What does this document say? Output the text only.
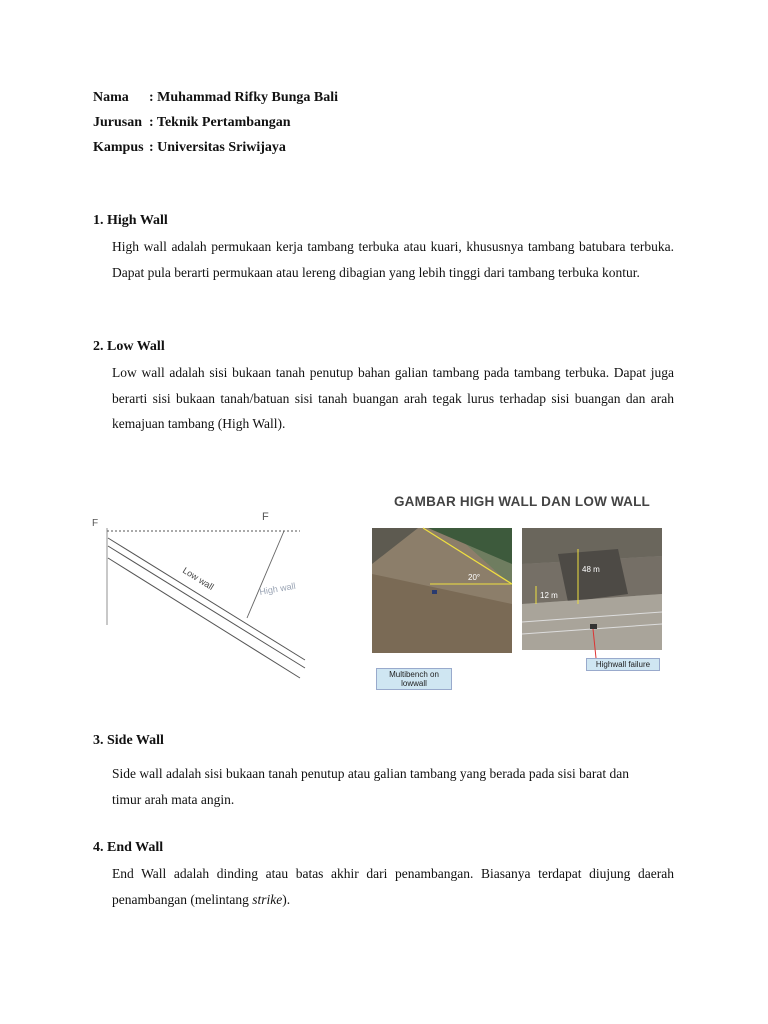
Nama : Muhammad Rifky Bunga Bali
Jurusan : Teknik Pertambangan
Kampus : Universitas Sriwijaya
1. High Wall
High wall adalah permukaan kerja tambang terbuka atau kuari, khususnya tambang batubara terbuka. Dapat pula berarti permukaan atau lereng dibagian yang lebih tinggi dari tambang terbuka kontur.
2. Low Wall
Low wall adalah sisi bukaan tanah penutup bahan galian tambang pada tambang terbuka. Dapat juga berarti sisi bukaan tanah/batuan sisi tanah buangan arah tegak lurus terhadap sisi buangan dan arah kemajuan tambang (High Wall).
F
F
Low wall	High wall
GAMBAR HIGH WALL DAN LOW WALL
20°
48 m
12 m
Multibench on lowwall
Highwall failure
3. Side Wall
Side wall adalah sisi bukaan tanah penutup atau galian tambang yang berada pada sisi barat dan timur arah mata angin.
4. End Wall
End Wall adalah dinding atau batas akhir dari penambangan. Biasanya terdapat diujung daerah penambangan (melintang strike).
